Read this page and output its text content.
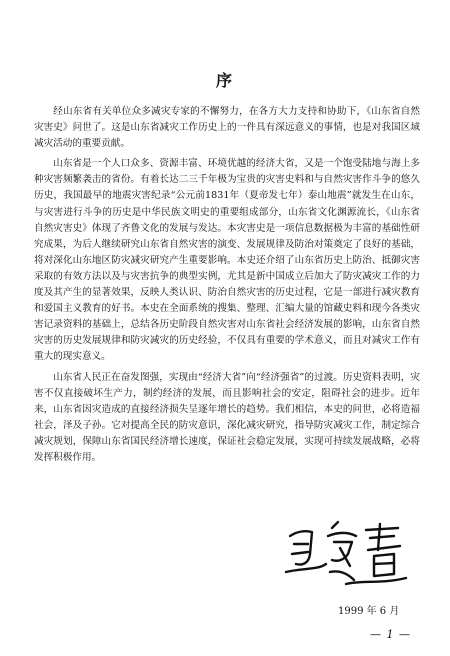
序

经山东省有关单位众多减灾专家的不懈努力，在各方大力支持和协助下，《山东省自然灾害史》问世了。这是山东省减灾工作历史上的一件具有深远意义的事情，也是对我国区域减灾活动的重要贡献。

山东省是一个人口众多、资源丰富、环境优越的经济大省，又是一个饱受陆地与海上多种灾害频繁袭击的省份。有着长达二三千年极为宝贵的灾害史料和与自然灾害作斗争的悠久历史，我国最早的地震灾害纪录“公元前1831年（夏帝发七年）泰山地震”就发生在山东，与灾害进行斗争的历史是中华民族文明史的重要组成部分，山东省文化渊源流长，《山东省自然灾害史》体现了齐鲁文化的发展与发达。本灾害史是一项信息数据极为丰富的基础性研究成果，为后人继续研究山东省自然灾害的演变、发展规律及防治对策奠定了良好的基础，将对深化山东地区防灾减灾研究产生重要影响。本史还介绍了山东省历史上防治、抵御灾害采取的有效方法以及与灾害抗争的典型实例，尤其是新中国成立后加大了防灾减灾工作的力度及其产生的显著效果，反映人类认识、防治自然灾害的历史过程，它是一部进行减灾教育和爱国主义教育的好书。本史在全面系统的搜集、整理、汇编大量的馆藏史料和现今各类灾害记录资料的基础上，总结各历史阶段自然灾害对山东省社会经济发展的影响，山东省自然灾害的历史发展规律和防灾减灾的历史经验，不仅具有重要的学术意义，而且对减灾工作有重大的现实意义。

山东省人民正在奋发图强，实现由“经济大省”向“经济强省”的过渡。历史资料表明，灾害不仅直接破坏生产力，制约经济的发展，而且影响社会的安定，阻碍社会的进步。近年来，山东省因灾造成的直接经济损失呈逐年增长的趋势。我们相信，本史的问世，必将造福社会，泽及子孙。它对提高全民的防灾意识，深化减灾研究，指导防灾减灾工作，制定综合减灾规划，保障山东省国民经济增长速度，保证社会稳定发展，实现可持续发展战略，必将发挥积极作用。

1999 年 6 月
— 1 —
